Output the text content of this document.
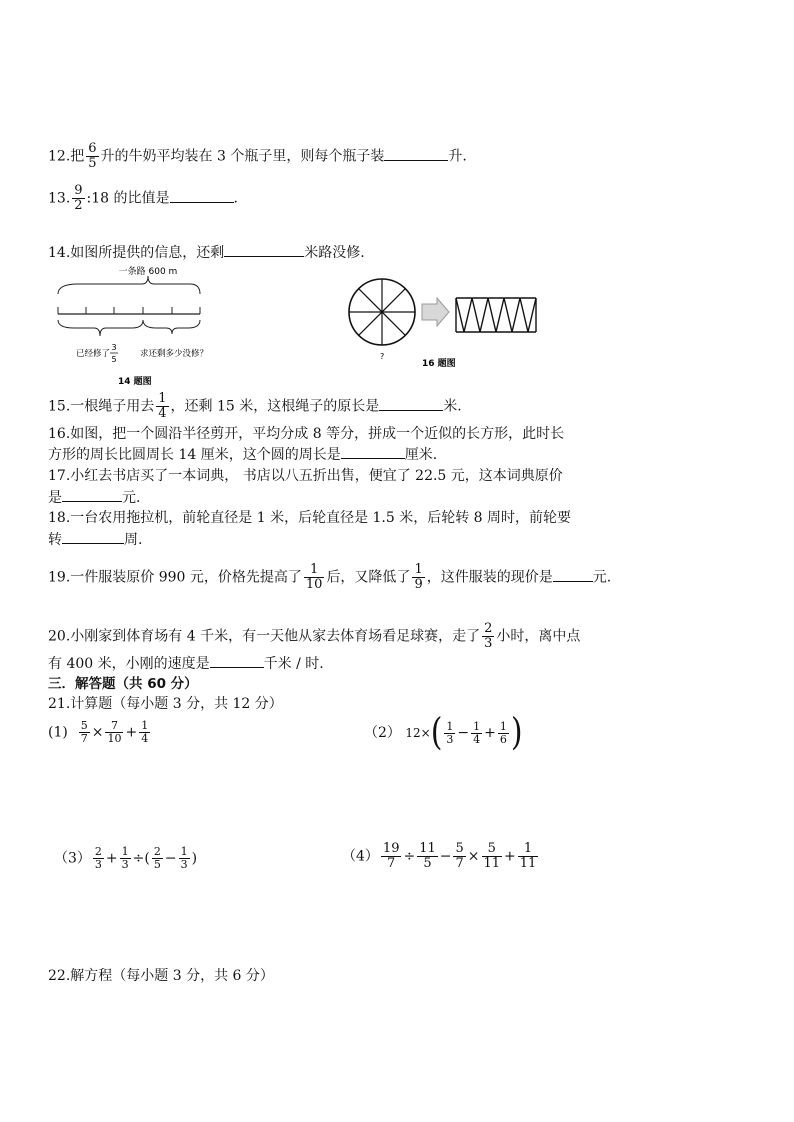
12.把 $\frac{6}{5}$ 升的牛奶平均装在 3 个瓶子里，则每个瓶子装	升.
13. $\frac{9}{2}$ :18 的比值是	.
14.如图所提供的信息，还剩	米路没修.
一条路 600 m
已经修了
3
5
求还剩多少没修？
14 题图
?
16 题图
15.一根绳子用去 $\frac{1}{4}$ ，还剩 15 米，这根绳子的原长是	米.
16.如图，把一个圆沿半径剪开，平均分成 8 等分，拼成一个近似的长方形，此时长
方形的周长比圆周长 14 厘米，这个圆的周长是	厘米.
17.小红去书店买了一本词典， 书店以八五折出售，便宜了 22.5 元，这本词典原价
是	元.
18.一台农用拖拉机，前轮直径是 1 米，后轮直径是 1.5 米，后轮转 8 周时，前轮要
转	周.
19.一件服装原价 990 元，价格先提高了 $\frac{1}{10}$ 后，又降低了 $\frac{1}{9}$ ，这件服装的现价是	元.
20.小刚家到体育场有 4 千米，有一天他从家去体育场看足球赛，走了 $\frac{2}{3}$ 小时，离中点
有 400 米，小刚的速度是	千米 / 时.
三．解答题（共 60 分）
21.计算题（每小题 3 分，共 12 分）
$(1) \frac{5}{7} \times \frac{7}{10} + \frac{1}{4}$	（2） $12\times( \frac{1}{3} - \frac{1}{4} + \frac{1}{6}$ )
$(3) \frac{2}{3} + \frac{1}{3}$ ÷( $\frac{2}{5} - \frac{1}{3}$ )	$(4) \frac{19}{7} \div \frac{11}{5} - \frac{5}{7} \times \frac{5}{11} + \frac{1}{11}$
22.解方程（每小题 3 分，共 6 分）
